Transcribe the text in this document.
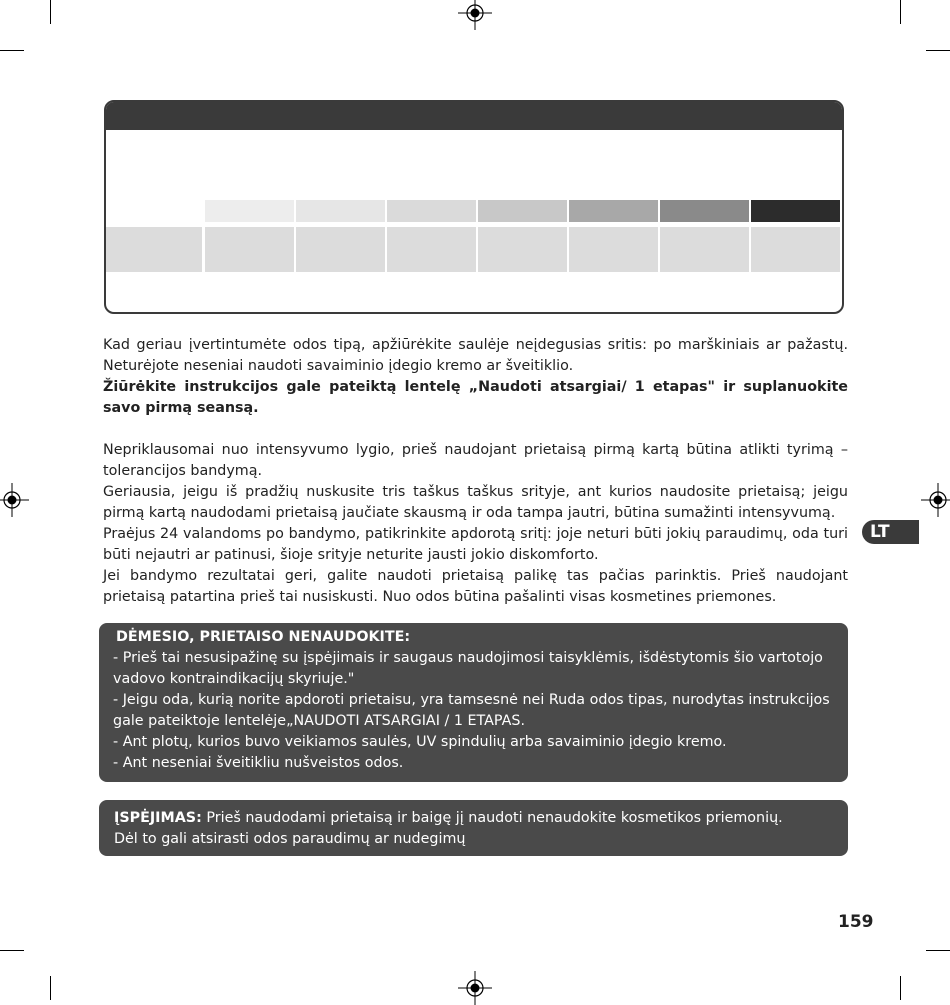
Kad geriau įvertintumėte odos tipą, apžiūrėkite saulėje neįdegusias sritis: po marškiniais ar pažastų. Neturėjote neseniai naudoti savaiminio įdegio kremo ar šveitiklio.

Žiūrėkite instrukcijos gale pateiktą lentelę „Naudoti atsargiai/ 1 etapas" ir suplanuokite savo pirmą seansą.

Nepriklausomai nuo intensyvumo lygio, prieš naudojant prietaisą pirmą kartą būtina atlikti tyrimą – tolerancijos bandymą.

Geriausia, jeigu iš pradžių nuskusite tris taškus taškus srityje, ant kurios naudosite prietaisą; jeigu pirmą kartą naudodami prietaisą jaučiate skausmą ir oda tampa jautri, būtina sumažinti intensyvumą.

Praėjus 24 valandoms po bandymo, patikrinkite apdorotą sritį: joje neturi būti jokių paraudimų, oda turi būti nejautri ar patinusi, šioje srityje neturite jausti jokio diskomforto.

Jei bandymo rezultatai geri, galite naudoti prietaisą palikę tas pačias parinktis. Prieš naudojant prietaisą patartina prieš tai nusiskusti. Nuo odos būtina pašalinti visas kosmetines priemones.

DĖMESIO, PRIETAISO NENAUDOKITE:

- Prieš tai nesusipažinę su įspėjimais ir saugaus naudojimosi taisyklėmis, išdėstytomis šio vartotojo vadovo kontraindikacijų skyriuje."

- Jeigu oda, kurią norite apdoroti prietaisu, yra tamsesnė nei Ruda odos tipas, nurodytas instrukcijos gale pateiktoje lentelėje„NAUDOTI ATSARGIAI / 1 ETAPAS.

- Ant plotų, kurios buvo veikiamos saulės, UV spindulių arba savaiminio įdegio kremo.

- Ant neseniai šveitikliu nušveistos odos.

ĮSPĖJIMAS: Prieš naudodami prietaisą ir baigę jį naudoti nenaudokite kosmetikos priemonių.

Dėl to gali atsirasti odos paraudimų ar nudegimų

LT
159
